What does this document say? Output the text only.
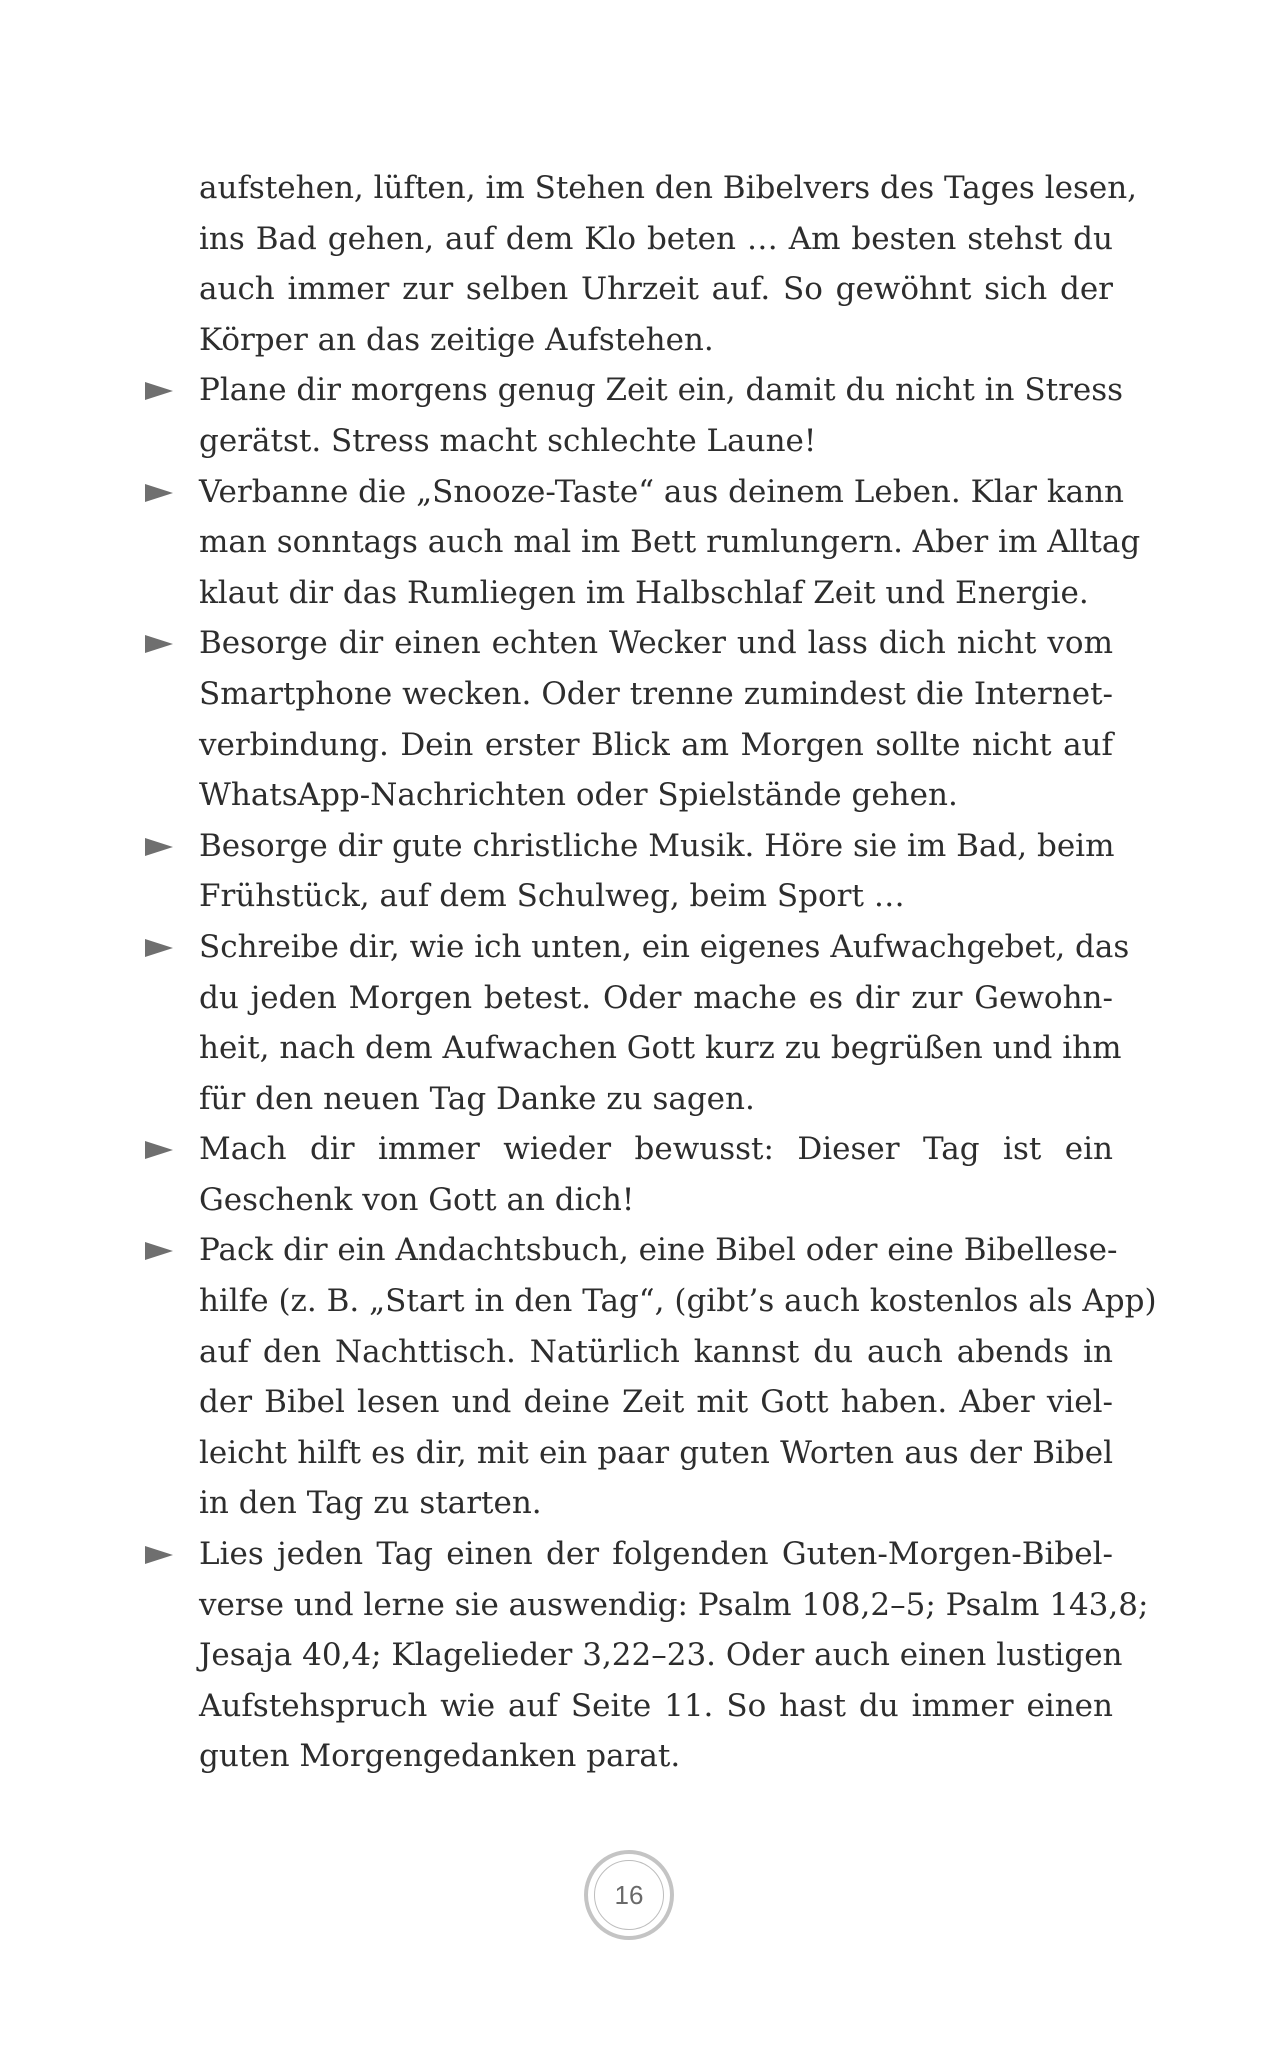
aufstehen, lüften, im Stehen den Bibelvers des Tages lesen,
ins Bad gehen, auf dem Klo beten … Am besten stehst du
auch immer zur selben Uhrzeit auf. So gewöhnt sich der
Körper an das zeitige Aufstehen.
Plane dir morgens genug Zeit ein, damit du nicht in Stress
gerätst. Stress macht schlechte Laune!
Verbanne die „Snooze-Taste“ aus deinem Leben. Klar kann
man sonntags auch mal im Bett rumlungern. Aber im Alltag
klaut dir das Rumliegen im Halbschlaf Zeit und Energie.
Besorge dir einen echten Wecker und lass dich nicht vom
Smartphone wecken. Oder trenne zumindest die Internet-
verbindung. Dein erster Blick am Morgen sollte nicht auf
WhatsApp-Nachrichten oder Spielstände gehen.
Besorge dir gute christliche Musik. Höre sie im Bad, beim
Frühstück, auf dem Schulweg, beim Sport …
Schreibe dir, wie ich unten, ein eigenes Aufwachgebet, das
du jeden Morgen betest. Oder mache es dir zur Gewohn-
heit, nach dem Aufwachen Gott kurz zu begrüßen und ihm
für den neuen Tag Danke zu sagen.
Mach dir immer wieder bewusst: Dieser Tag ist ein
Geschenk von Gott an dich!
Pack dir ein Andachtsbuch, eine Bibel oder eine Bibellese-
hilfe (z. B. „Start in den Tag“, (gibt’s auch kostenlos als App)
auf den Nachttisch. Natürlich kannst du auch abends in
der Bibel lesen und deine Zeit mit Gott haben. Aber viel-
leicht hilft es dir, mit ein paar guten Worten aus der Bibel
in den Tag zu starten.
Lies jeden Tag einen der folgenden Guten-Morgen-Bibel-
verse und lerne sie auswendig: Psalm 108,2–5; Psalm 143,8;
Jesaja 40,4; Klagelieder 3,22–23. Oder auch einen lustigen
Aufstehspruch wie auf Seite 11. So hast du immer einen
guten Morgengedanken parat.
16
